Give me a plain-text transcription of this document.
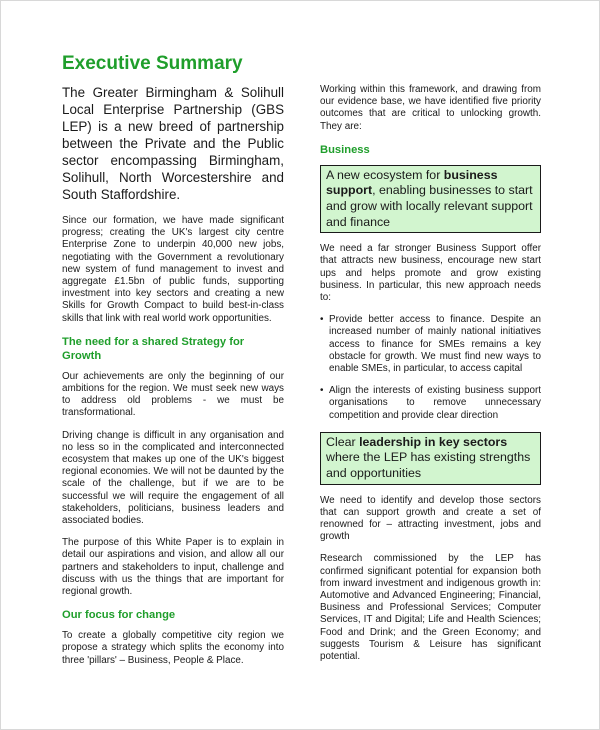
Executive Summary
The Greater Birmingham & Solihull Local Enterprise Partnership (GBS LEP) is a new breed of partnership between the Private and the Public sector encompassing Birmingham, Solihull, North Worcestershire and South Staffordshire.

Since our formation, we have made significant progress; creating the UK's largest city centre Enterprise Zone to underpin 40,000 new jobs, negotiating with the Government a revolutionary new system of fund management to invest and aggregate £1.5bn of public funds, supporting investment into key sectors and creating a new Skills for Growth Compact to build best-in-class skills that link with real world work opportunities.

The need for a shared Strategy for Growth

Our achievements are only the beginning of our ambitions for the region. We must seek new ways to address old problems - we must be transformational.

Driving change is difficult in any organisation and no less so in the complicated and interconnected ecosystem that makes up one of the UK's biggest regional economies. We will not be daunted by the scale of the challenge, but if we are to be successful we will require the engagement of all stakeholders, politicians, business leaders and associated bodies.

The purpose of this White Paper is to explain in detail our aspirations and vision, and allow all our partners and stakeholders to input, challenge and discuss with us the things that are important for regional growth.

Our focus for change

To create a globally competitive city region we propose a strategy which splits the economy into three 'pillars' – Business, People & Place.

Working within this framework, and drawing from our evidence base, we have identified five priority outcomes that are critical to unlocking growth. They are:

Business
A new ecosystem for business support, enabling businesses to start and grow with locally relevant support and finance

We need a far stronger Business Support offer that attracts new business, encourage new start ups and helps promote and grow existing business. In particular, this new approach needs to:

• Provide better access to finance. Despite an increased number of mainly national initiatives access to finance for SMEs remains a key obstacle for growth. We must find new ways to enable SMEs, in particular, to access capital
• Align the interests of existing business support organisations to remove unnecessary competition and provide clear direction
Clear leadership in key sectors where the LEP has existing strengths and opportunities

We need to identify and develop those sectors that can support growth and create a set of renowned for – attracting investment, jobs and growth

Research commissioned by the LEP has confirmed significant potential for expansion both from inward investment and indigenous growth in: Automotive and Advanced Engineering; Financial, Business and Professional Services; Computer Services, IT and Digital; Life and Health Sciences; Food and Drink; and the Green Economy; and suggests Tourism & Leisure has significant potential.
